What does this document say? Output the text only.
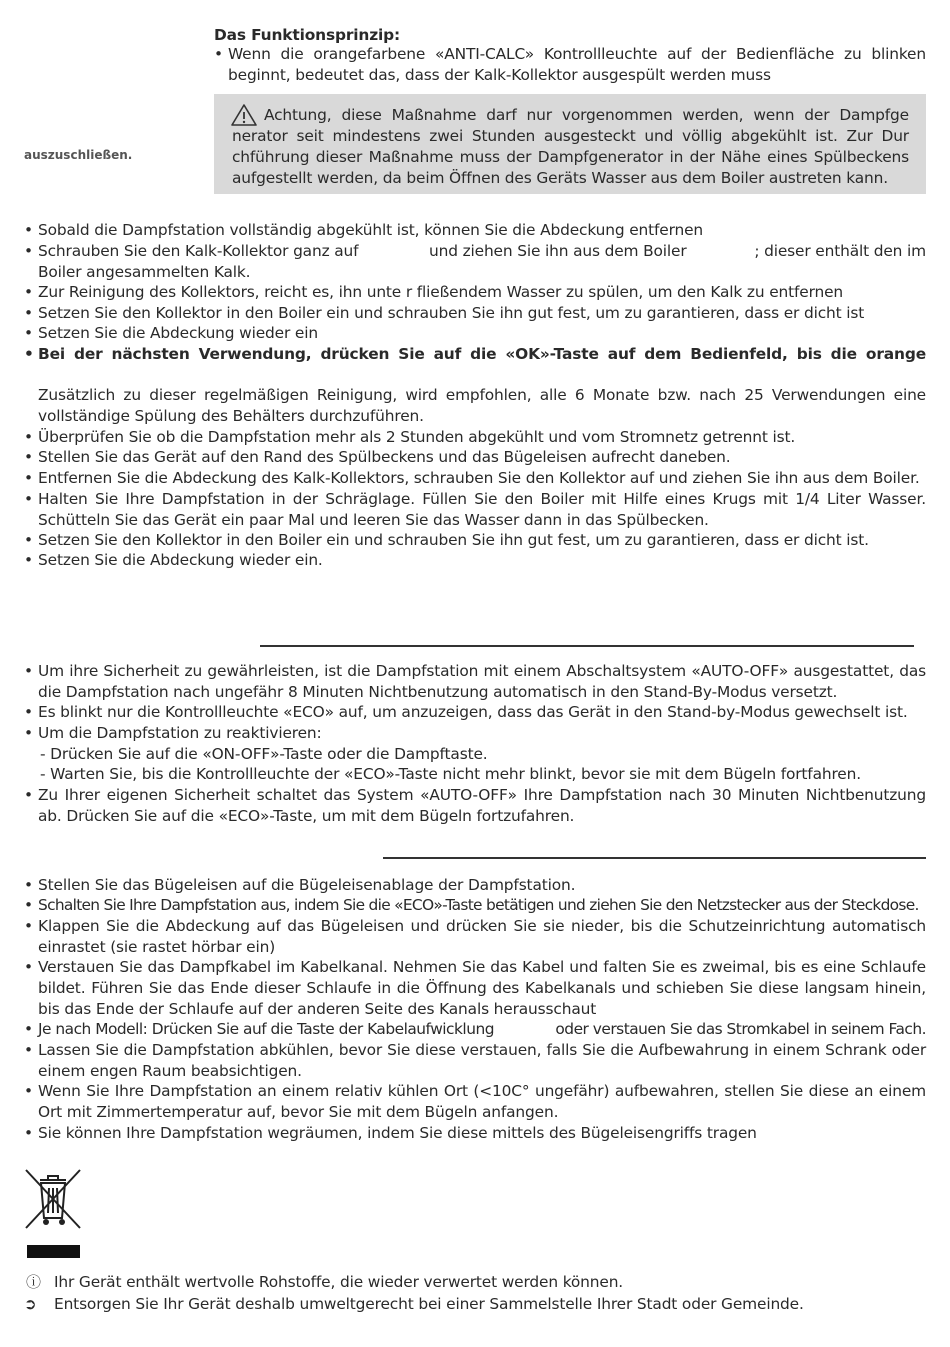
Das Funktionsprinzip:
• Wenn die orangefarbene «ANTI-CALC» Kontrollleuchte auf der Bedienfläche zu blinken beginnt, bedeutet das, dass der Kalk-Kollektor ausgespült werden muss
auszuschließen.
Achtung, diese Maßnahme darf nur vorgenommen werden, wenn der Dampfge
nerator seit mindestens zwei Stunden ausgesteckt und völlig abgekühlt ist. Zur Dur
chführung dieser Maßnahme muss der Dampfgenerator in der Nähe eines Spülbeckens
aufgestellt werden, da beim Öffnen des Geräts Wasser aus dem Boiler austreten kann.
• Sobald die Dampfstation vollständig abgekühlt ist, können Sie die Abdeckung entfernen
• Schrauben Sie den Kalk-Kollektor ganz auf	und ziehen Sie ihn aus dem Boiler	; dieser enthält den im
Boiler angesammelten Kalk.
• Zur Reinigung des Kollektors, reicht es, ihn unte r fließendem Wasser zu spülen, um den Kalk zu entfernen
• Setzen Sie den Kollektor in den Boiler ein und schrauben Sie ihn gut fest, um zu garantieren, dass er dicht ist
• Setzen Sie die Abdeckung wieder ein
• Bei der nächsten Verwendung, drücken Sie auf die «OK»-Taste auf dem Bedienfeld, bis die orange
Zusätzlich zu dieser regelmäßigen Reinigung, wird empfohlen, alle 6 Monate bzw. nach 25 Verwendungen eine vollständige Spülung des Behälters durchzuführen.
• Überprüfen Sie ob die Dampfstation mehr als 2 Stunden abgekühlt und vom Stromnetz getrennt ist.
• Stellen Sie das Gerät auf den Rand des Spülbeckens und das Bügeleisen aufrecht daneben.
• Entfernen Sie die Abdeckung des Kalk-Kollektors, schrauben Sie den Kollektor auf und ziehen Sie ihn aus dem Boiler.
• Halten Sie Ihre Dampfstation in der Schräglage. Füllen Sie den Boiler mit Hilfe eines Krugs mit 1/4 Liter Wasser. Schütteln Sie das Gerät ein paar Mal und leeren Sie das Wasser dann in das Spülbecken.
• Setzen Sie den Kollektor in den Boiler ein und schrauben Sie ihn gut fest, um zu garantieren, dass er dicht ist.
• Setzen Sie die Abdeckung wieder ein.
• Um ihre Sicherheit zu gewährleisten, ist die Dampfstation mit einem Abschaltsystem «AUTO-OFF» ausgestattet, das die Dampfstation nach ungefähr 8 Minuten Nichtbenutzung automatisch in den Stand-By-Modus versetzt.
• Es blinkt nur die Kontrollleuchte «ECO» auf, um anzuzeigen, dass das Gerät in den Stand-by-Modus gewechselt ist.
• Um die Dampfstation zu reaktivieren:
- Drücken Sie auf die «ON-OFF»-Taste oder die Dampftaste.
- Warten Sie, bis die Kontrollleuchte der «ECO»-Taste nicht mehr blinkt, bevor sie mit dem Bügeln fortfahren.
• Zu Ihrer eigenen Sicherheit schaltet das System «AUTO-OFF» Ihre Dampfstation nach 30 Minuten Nichtbenutzung ab. Drücken Sie auf die «ECO»-Taste, um mit dem Bügeln fortzufahren.
• Stellen Sie das Bügeleisen auf die Bügeleisenablage der Dampfstation.
• Schalten Sie Ihre Dampfstation aus, indem Sie die «ECO»-Taste betätigen und ziehen Sie den Netzstecker aus der Steckdose.
• Klappen Sie die Abdeckung auf das Bügeleisen und drücken Sie sie nieder, bis die Schutzeinrichtung automatisch einrastet (sie rastet hörbar ein)
• Verstauen Sie das Dampfkabel im Kabelkanal. Nehmen Sie das Kabel und falten Sie es zweimal, bis es eine Schlaufe bildet. Führen Sie das Ende dieser Schlaufe in die Öffnung des Kabelkanals und schieben Sie diese langsam hinein, bis das Ende der Schlaufe auf der anderen Seite des Kanals herausschaut
• Je nach Modell: Drücken Sie auf die Taste der Kabelaufwicklung	oder verstauen Sie das Stromkabel in seinem Fach.
• Lassen Sie die Dampfstation abkühlen, bevor Sie diese verstauen, falls Sie die Aufbewahrung in einem Schrank oder einem engen Raum beabsichtigen.
• Wenn Sie Ihre Dampfstation an einem relativ kühlen Ort (<10C° ungefähr) aufbewahren, stellen Sie diese an einem Ort mit Zimmertemperatur auf, bevor Sie mit dem Bügeln anfangen.
• Sie können Ihre Dampfstation wegräumen, indem Sie diese mittels des Bügeleisengriffs tragen
ⓘ Ihr Gerät enthält wertvolle Rohstoffe, die wieder verwertet werden können.
➲ Entsorgen Sie Ihr Gerät deshalb umweltgerecht bei einer Sammelstelle Ihrer Stadt oder Gemeinde.
